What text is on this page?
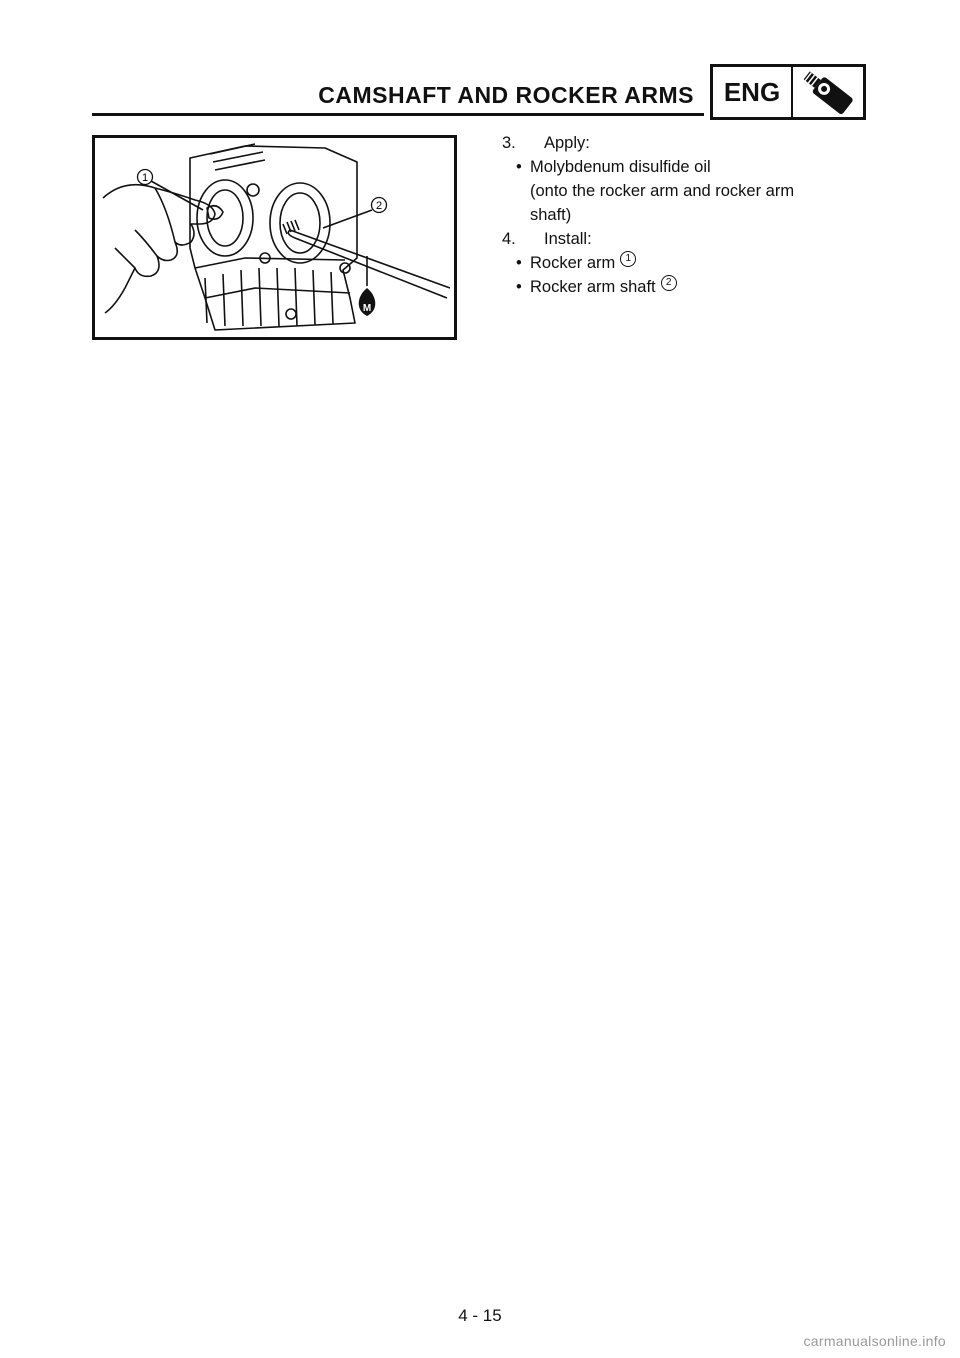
CAMSHAFT AND ROCKER ARMS	ENG
1
2
M
3.	Apply:
• Molybdenum disulfide oil
(onto the rocker arm and rocker arm
shaft)
4.	Install:
• Rocker arm	1
• Rocker arm shaft	2
4 - 15
carmanualsonline.info
